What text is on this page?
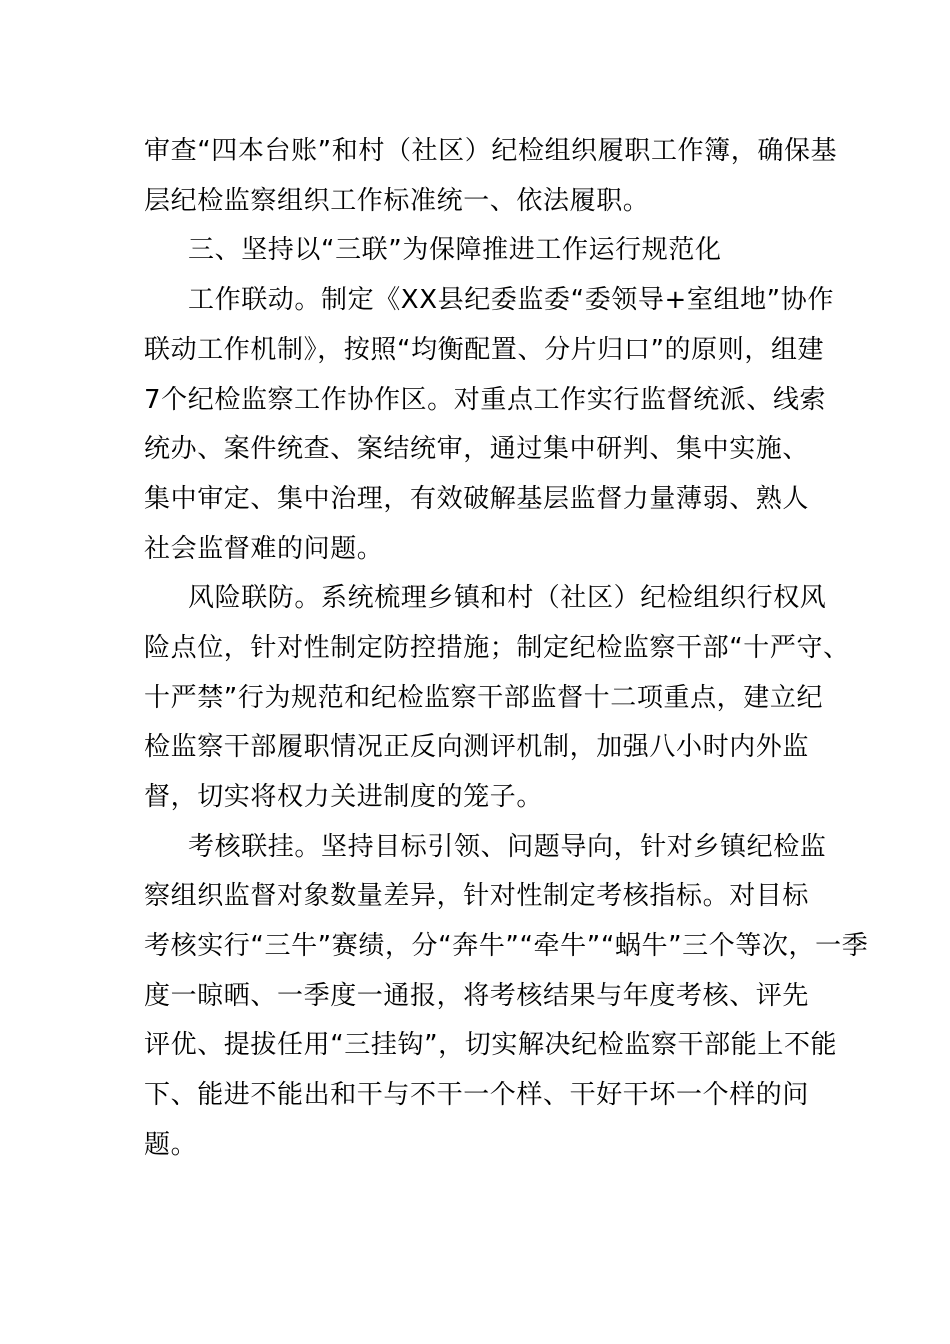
审查“四本台账”和村（社区）纪检组织履职工作簿，确保基
层纪检监察组织工作标准统一、依法履职。
三、坚持以“三联”为保障推进工作运行规范化
工作联动。制定《XX县纪委监委“委领导+室组地”协作
联动工作机制》，按照“均衡配置、分片归口”的原则，组建
7个纪检监察工作协作区。对重点工作实行监督统派、线索
统办、案件统查、案结统审，通过集中研判、集中实施、
集中审定、集中治理，有效破解基层监督力量薄弱、熟人
社会监督难的问题。
风险联防。系统梳理乡镇和村（社区）纪检组织行权风
险点位，针对性制定防控措施；制定纪检监察干部“十严守、
十严禁”行为规范和纪检监察干部监督十二项重点，建立纪
检监察干部履职情况正反向测评机制，加强八小时内外监
督，切实将权力关进制度的笼子。
考核联挂。坚持目标引领、问题导向，针对乡镇纪检监
察组织监督对象数量差异，针对性制定考核指标。对目标
考核实行“三牛”赛绩，分“奔牛”“牵牛”“蜗牛”三个等次，一季
度一晾晒、一季度一通报，将考核结果与年度考核、评先
评优、提拔任用“三挂钩”，切实解决纪检监察干部能上不能
下、能进不能出和干与不干一个样、干好干坏一个样的问
题。
